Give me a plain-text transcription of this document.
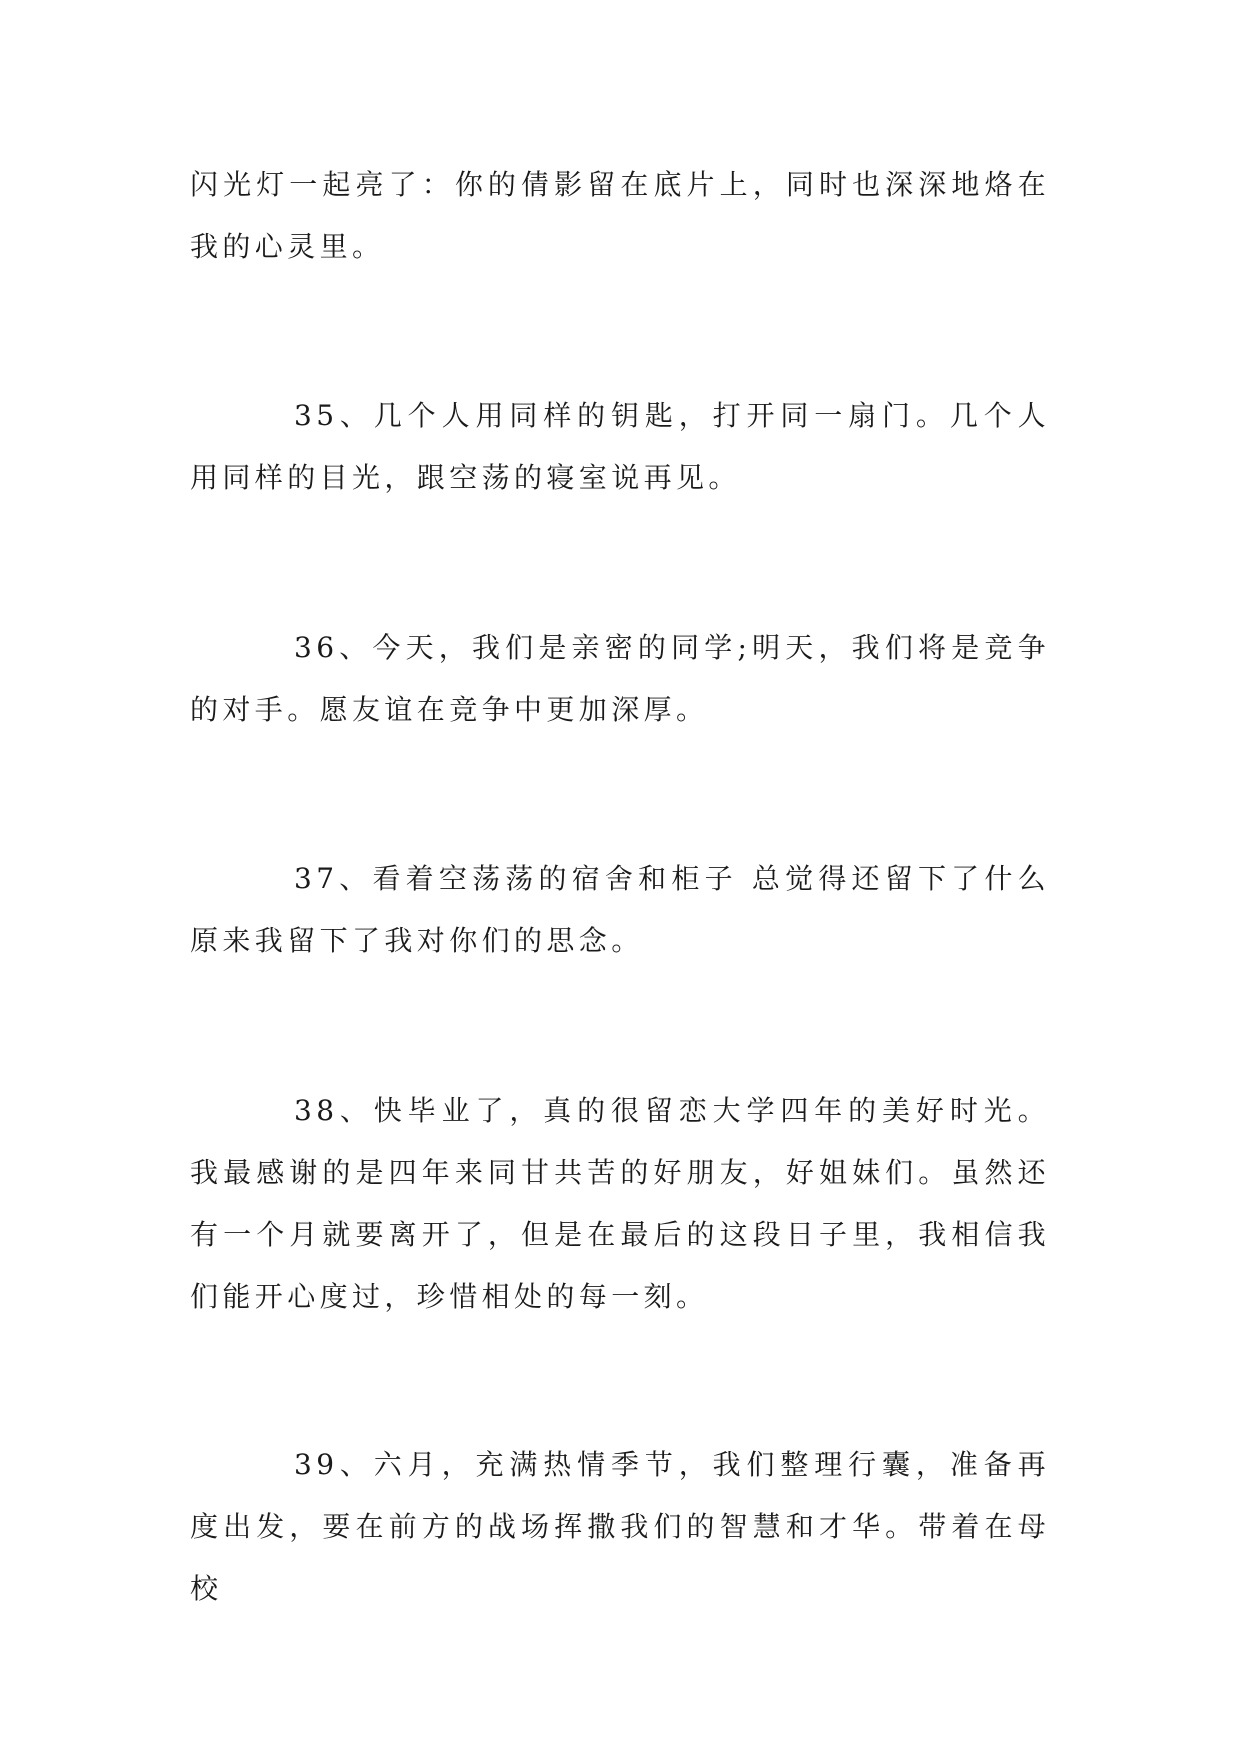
闪光灯一起亮了：你的倩影留在底片上，同时也深深地烙在我的心灵里。

35、几个人用同样的钥匙，打开同一扇门。几个人用同样的目光，跟空荡的寝室说再见。

36、今天，我们是亲密的同学;明天，我们将是竞争的对手。愿友谊在竞争中更加深厚。

37、看着空荡荡的宿舍和柜子 总觉得还留下了什么原来我留下了我对你们的思念。

38、快毕业了，真的很留恋大学四年的美好时光。我最感谢的是四年来同甘共苦的好朋友，好姐妹们。虽然还有一个月就要离开了，但是在最后的这段日子里，我相信我们能开心度过，珍惜相处的每一刻。

39、六月，充满热情季节，我们整理行囊，准备再度出发，要在前方的战场挥撒我们的智慧和才华。带着在母校
